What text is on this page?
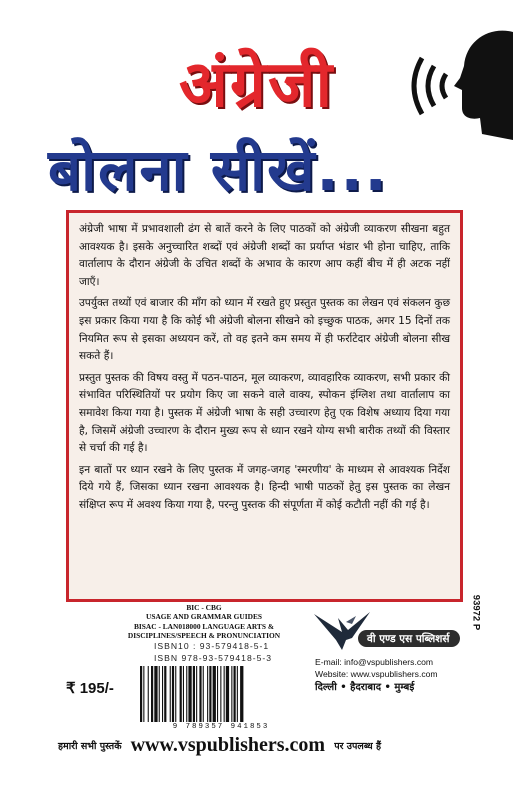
अंग्रेजी
बोलना सीखें...

अंग्रेजी भाषा में प्रभावशाली ढंग से बातें करने के लिए पाठकों को अंग्रेजी व्याकरण सीखना बहुत आवश्यक है। इसके अनुच्चारित शब्दों एवं अंग्रेजी शब्दों का प्रर्याप्त भंडार भी होना चाहिए, ताकि वार्तालाप के दौरान अंग्रेजी के उचित शब्दों के अभाव के कारण आप कहीं बीच में ही अटक नहीं जाएँ।

उपर्युक्त तथ्यों एवं बाजार की माँग को ध्यान में रखते हुए प्रस्तुत पुस्तक का लेखन एवं संकलन कुछ इस प्रकार किया गया है कि कोई भी अंग्रेजी बोलना सीखने को इच्छुक पाठक, अगर 15 दिनों तक नियमित रूप से इसका अध्ययन करें, तो वह इतने कम समय में ही फर्राटेदार अंग्रेजी बोलना सीख सकते हैं।

प्रस्तुत पुस्तक की विषय वस्तु में पठन-पाठन, मूल व्याकरण, व्यावहारिक व्याकरण, सभी प्रकार की संभावित परिस्थितियों पर प्रयोग किए जा सकने वाले वाक्य, स्पोकन इंग्लिश तथा वार्तालाप का समावेश किया गया है। पुस्तक में अंग्रेजी भाषा के सही उच्चारण हेतु एक विशेष अध्याय दिया गया है, जिसमें अंग्रेजी उच्चारण के दौरान मुख्य रूप से ध्यान रखने योग्य सभी बारीक तथ्यों की विस्तार से चर्चा की गई है।

इन बातों पर ध्यान रखने के लिए पुस्तक में जगह-जगह 'स्मरणीय' के माध्यम से आवश्यक निर्देश दिये गये हैं, जिसका ध्यान रखना आवश्यक है। हिन्दी भाषी पाठकों हेतु इस पुस्तक का लेखन संक्षिप्त रूप में अवश्य किया गया है, परन्तु पुस्तक की संपूर्णता में कोई कटौती नहीं की गई है।

BIC - CBG
USAGE AND GRAMMAR GUIDES
BISAC - LAN018000 LANGUAGE ARTS &
DISCIPLINES/SPEECH & PRONUNCIATION
ISBN10 : 93-579418-5-1
ISBN 978-93-579418-5-3
9 789357 941853
₹ 195/-
93972 P
वी एण्ड एस पब्लिशर्स
E-mail: info@vspublishers.com
Website: www.vspublishers.com
दिल्ली • हैदराबाद • मुम्बई
हमारी सभी पुस्तकें www.vspublishers.com पर उपलब्ध हैं
